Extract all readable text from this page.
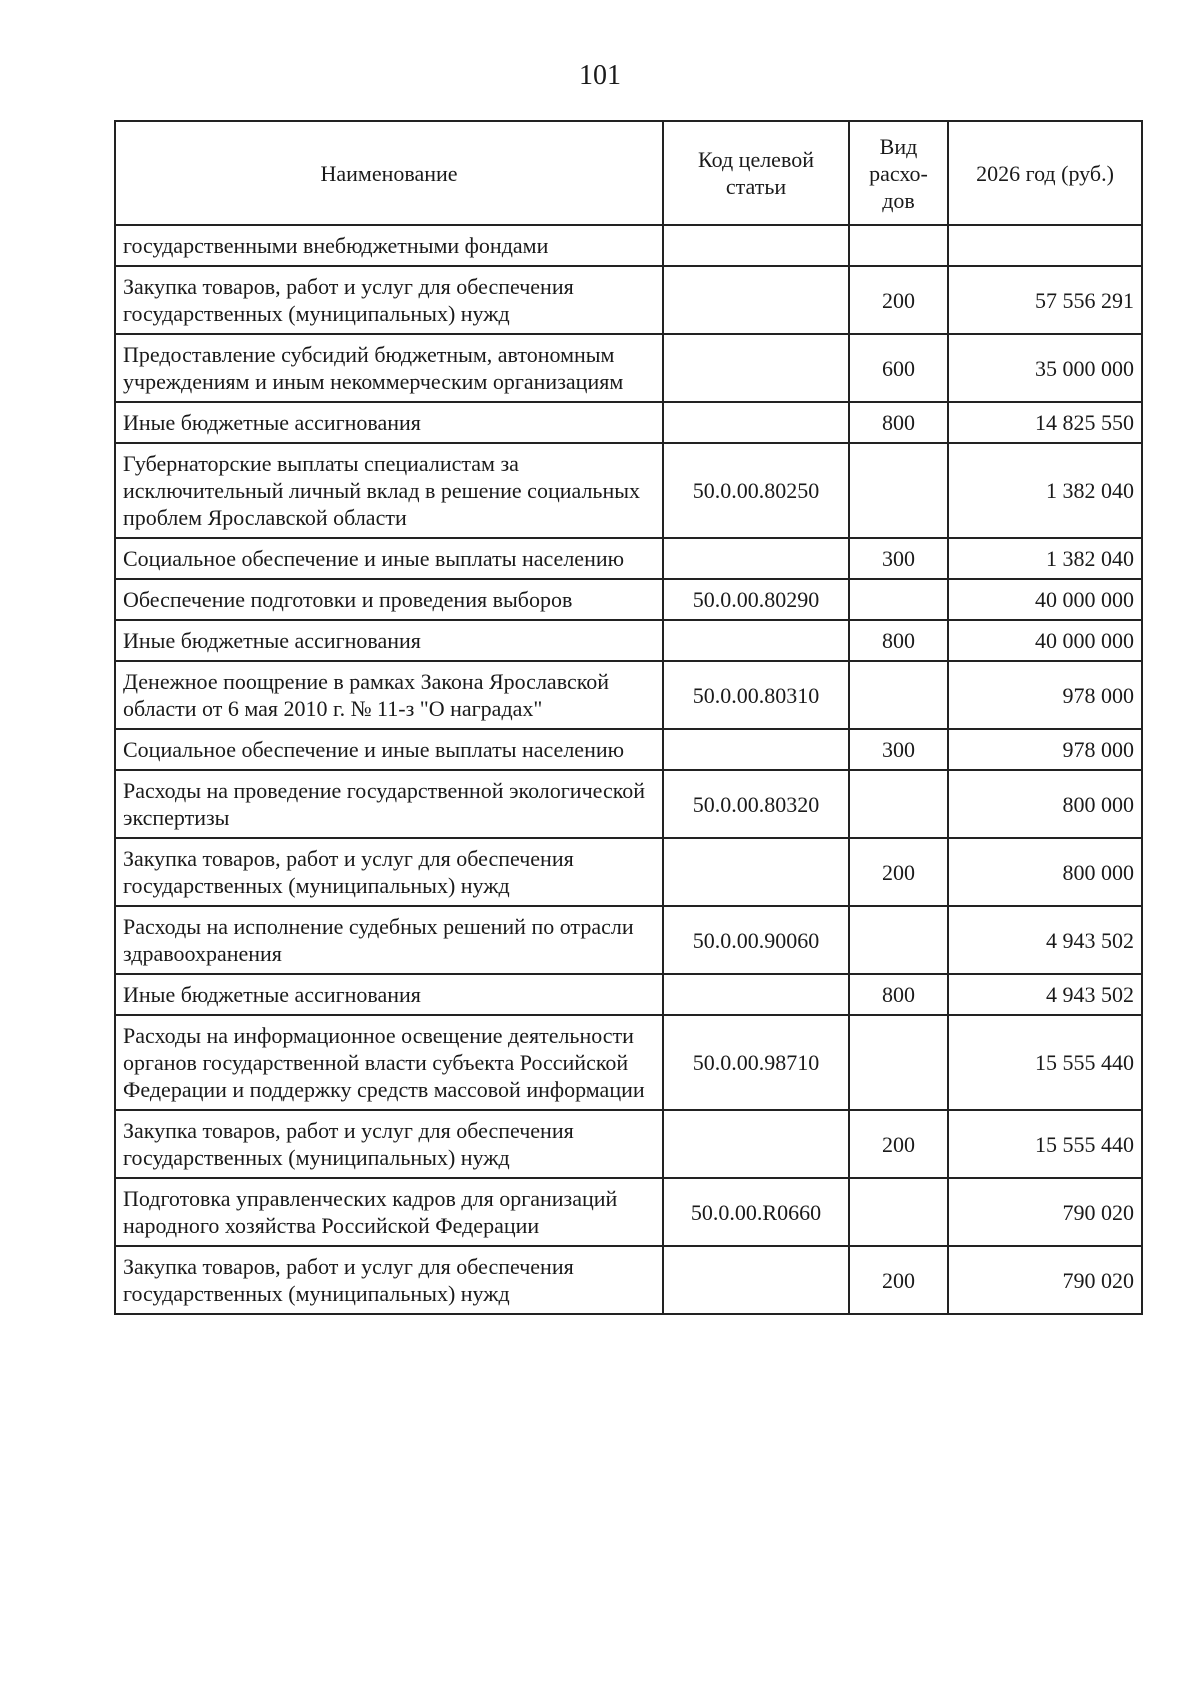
101
Наименование	Код целевой статьи	Вид расхо- дов	2026 год (руб.)
государственными внебюджетными фондами			
Закупка товаров, работ и услуг для обеспечения государственных (муниципальных) нужд		200	57 556 291
Предоставление субсидий бюджетным, автономным учреждениям и иным некоммерческим организациям		600	35 000 000
Иные бюджетные ассигнования		800	14 825 550
Губернаторские выплаты специалистам за исключительный личный вклад в решение социальных проблем Ярославской области	50.0.00.80250		1 382 040
Социальное обеспечение и иные выплаты населению		300	1 382 040
Обеспечение подготовки и проведения выборов	50.0.00.80290		40 000 000
Иные бюджетные ассигнования		800	40 000 000
Денежное поощрение в рамках Закона Ярославской области от 6 мая 2010 г. № 11-з "О наградах"	50.0.00.80310		978 000
Социальное обеспечение и иные выплаты населению		300	978 000
Расходы на проведение государственной экологической экспертизы	50.0.00.80320		800 000
Закупка товаров, работ и услуг для обеспечения государственных (муниципальных) нужд		200	800 000
Расходы на исполнение судебных решений по отрасли здравоохранения	50.0.00.90060		4 943 502
Иные бюджетные ассигнования		800	4 943 502
Расходы на информационное освещение деятельности органов государственной власти субъекта Российской Федерации и поддержку средств массовой информации	50.0.00.98710		15 555 440
Закупка товаров, работ и услуг для обеспечения государственных (муниципальных) нужд		200	15 555 440
Подготовка управленческих кадров для организаций народного хозяйства Российской Федерации	50.0.00.R0660		790 020
Закупка товаров, работ и услуг для обеспечения государственных (муниципальных) нужд		200	790 020
